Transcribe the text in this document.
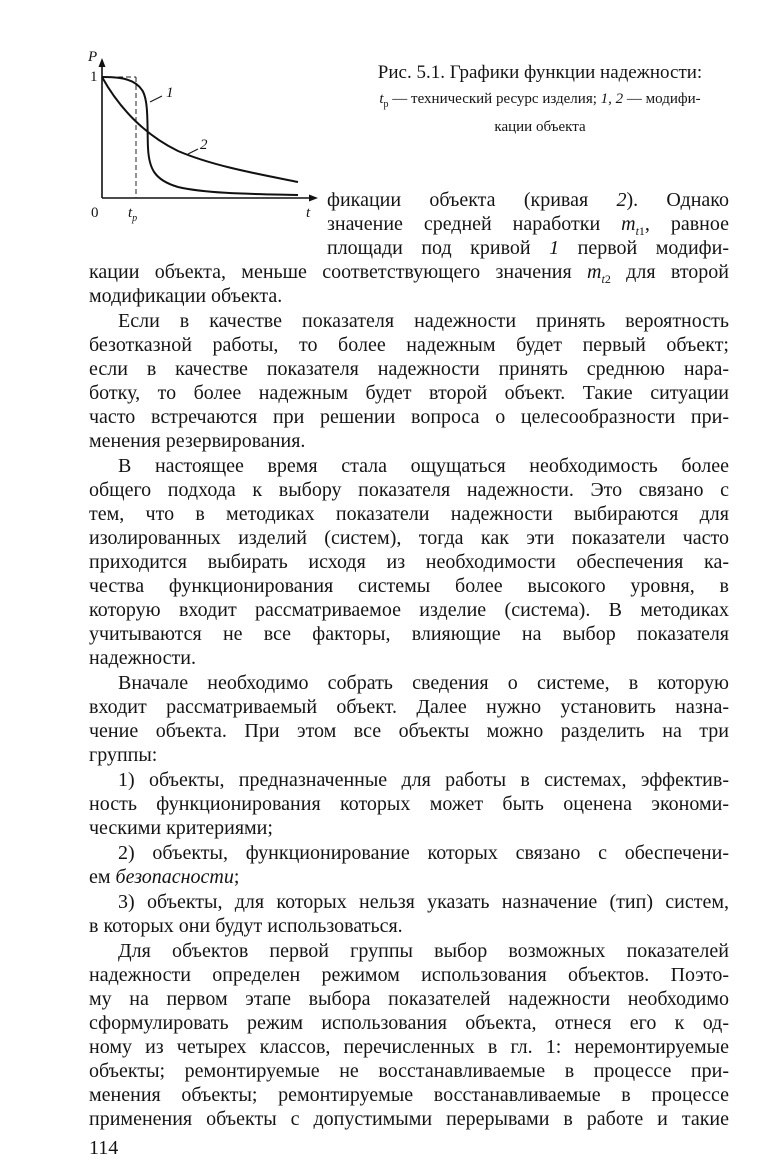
P
1
0 $t_р$	t
1
2
Рис. 5.1. Графики функции надежности:
$t_р$ — технический ресурс изделия; 1, 2 — модифи-
кации объекта
фикации объекта (кривая 2). Однако
значение средней наработки $m_{t1}$, равное
площади под кривой 1 первой модифи-
кации объекта, меньше соответствующего значения $m_{t2}$ для второй
модификации объекта.
Если в качестве показателя надежности принять вероятность
безотказной работы, то более надежным будет первый объект;
если в качестве показателя надежности принять среднюю нара-
ботку, то более надежным будет второй объект. Такие ситуации
часто встречаются при решении вопроса о целесообразности при-
менения резервирования.
В настоящее время стала ощущаться необходимость более
общего подхода к выбору показателя надежности. Это связано с
тем, что в методиках показатели надежности выбираются для
изолированных изделий (систем), тогда как эти показатели часто
приходится выбирать исходя из необходимости обеспечения ка-
чества функционирования системы более высокого уровня, в
которую входит рассматриваемое изделие (система). В методиках
учитываются не все факторы, влияющие на выбор показателя
надежности.
Вначале необходимо собрать сведения о системе, в которую
входит рассматриваемый объект. Далее нужно установить назна-
чение объекта. При этом все объекты можно разделить на три
группы:
1) объекты, предназначенные для работы в системах, эффектив-
ность функционирования которых может быть оценена экономи-
ческими критериями;
2) объекты, функционирование которых связано с обеспечени-
ем безопасности;
3) объекты, для которых нельзя указать назначение (тип) систем,
в которых они будут использоваться.
Для объектов первой группы выбор возможных показателей
надежности определен режимом использования объектов. Поэто-
му на первом этапе выбора показателей надежности необходимо
сформулировать режим использования объекта, отнеся его к од-
ному из четырех классов, перечисленных в гл. 1: неремонтируемые
объекты; ремонтируемые не восстанавливаемые в процессе при-
менения объекты; ремонтируемые восстанавливаемые в процессе
применения объекты с допустимыми перерывами в работе и такие
114
